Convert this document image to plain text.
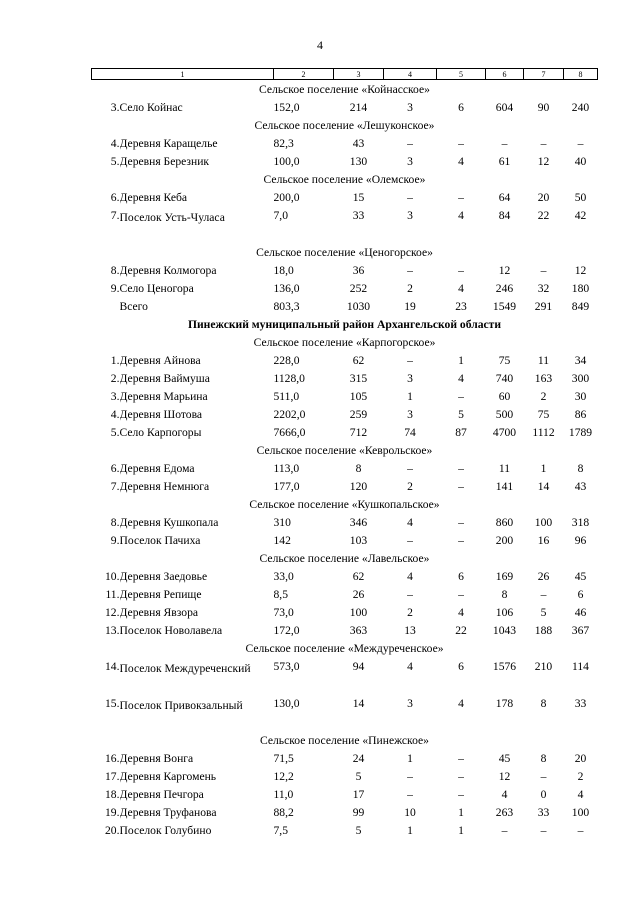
4
1		2	3	4	5	6	7	8
Сельское поселение «Койнасское»								
3.	Село Койнас	152,0	214	3	6	604	90	240
Сельское поселение «Лешуконское»								
4.	Деревня Каращелье	82,3	43	–	–	–	–	–
5.	Деревня Березник	100,0	130	3	4	61	12	40
Сельское поселение «Олемское»								
6.	Деревня Кеба	200,0	15	–	–	64	20	50
7.	Поселок Усть-Чуласа	7,0	33	3	4	84	22	42
Сельское поселение «Ценогорское»								
8.	Деревня Колмогора	18,0	36	–	–	12	–	12
9.	Село Ценогора	136,0	252	2	4	246	32	180
	Всего	803,3	1030	19	23	1549	291	849
Пинежский муниципальный район Архангельской области								
Сельское поселение «Карпогорское»								
1.	Деревня Айнова	228,0	62	–	1	75	11	34
2.	Деревня Ваймуша	1128,0	315	3	4	740	163	300
3.	Деревня Марьина	511,0	105	1	–	60	2	30
4.	Деревня Шотова	2202,0	259	3	5	500	75	86
5.	Село Карпогоры	7666,0	712	74	87	4700	1112	1789
Сельское поселение «Кеврольское»								
6.	Деревня Едома	113,0	8	–	–	11	1	8
7.	Деревня Немнюга	177,0	120	2	–	141	14	43
Сельское поселение «Кушкопальское»								
8.	Деревня Кушкопала	310	346	4	–	860	100	318
9.	Поселок Пачиха	142	103	–	–	200	16	96
Сельское поселение «Лавельское»								
10.	Деревня Заедовье	33,0	62	4	6	169	26	45
11.	Деревня Репище	8,5	26	–	–	8	–	6
12.	Деревня Явзора	73,0	100	2	4	106	5	46
13.	Поселок Новолавела	172,0	363	13	22	1043	188	367
Сельское поселение «Междуреченское»								
14.	Поселок Междуреченский	573,0	94	4	6	1576	210	114
15.	Поселок Привокзальный	130,0	14	3	4	178	8	33
Сельское поселение «Пинежское»								
16.	Деревня Вонга	71,5	24	1	–	45	8	20
17.	Деревня Каргомень	12,2	5	–	–	12	–	2
18.	Деревня Печгора	11,0	17	–	–	4	0	4
19.	Деревня Труфанова	88,2	99	10	1	263	33	100
20.	Поселок Голубино	7,5	5	1	1	–	–	–
